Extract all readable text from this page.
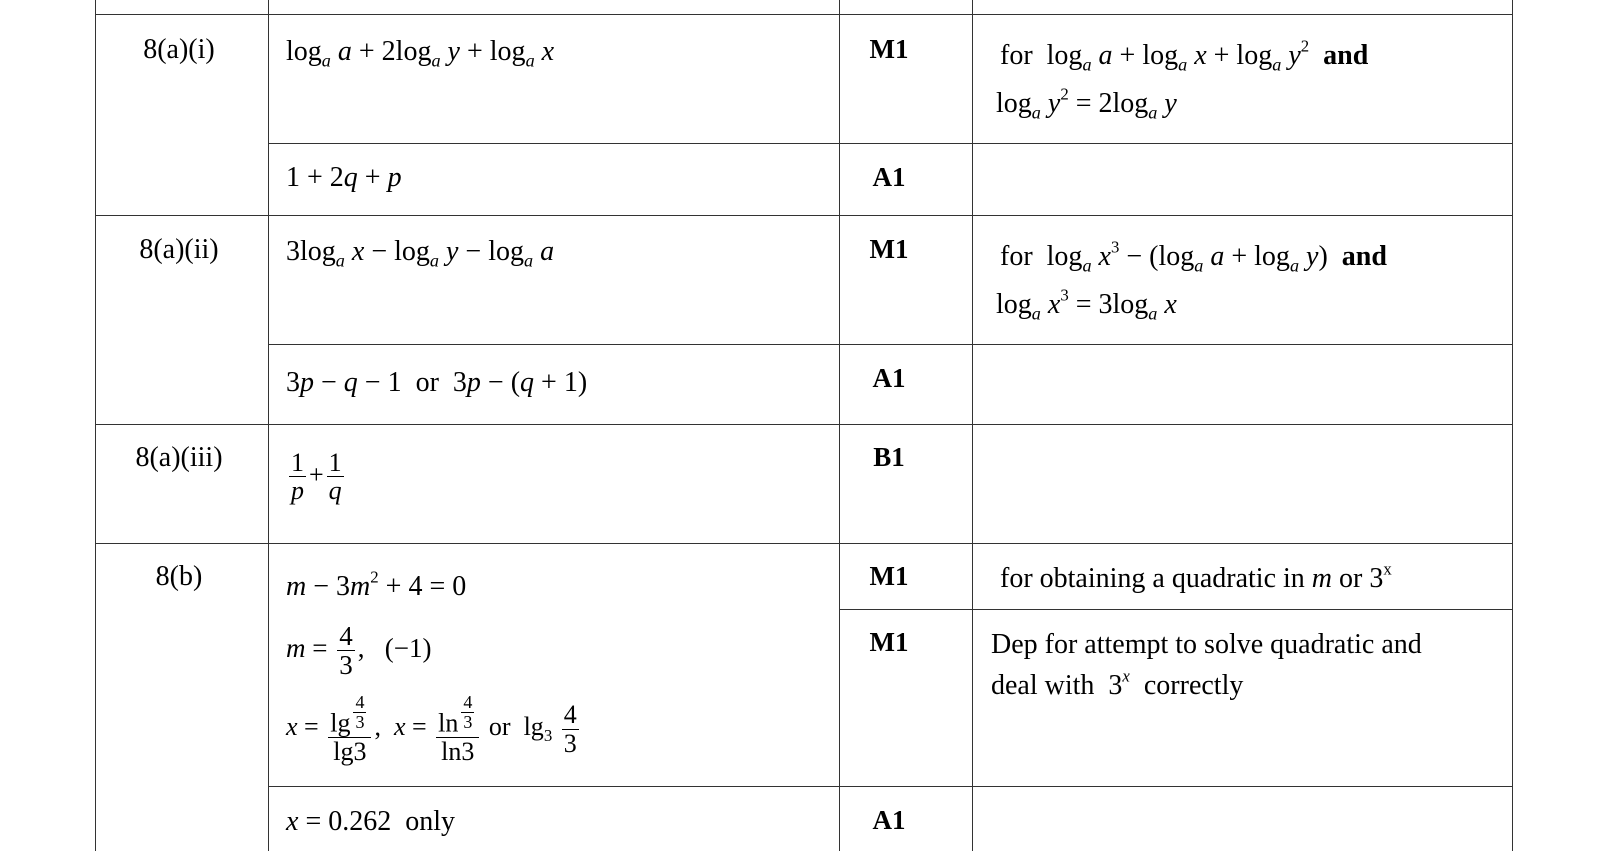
8(a)(i)
8(a)(ii)
8(a)(iii)
8(b)
M1
A1
M1
A1
B1
M1
M1
A1
$\log_a a + 2\log_a$ $y + \log_a x$
1 + 2q + p
for  $\log_a a + \log_a x + \log_a y^2$ and
$\log_a y^2 = 2\log_a$ y
$3\log_a$ $x - \log_a y - \log_a a$
3p − q − 1  or  3p − (q + 1)
for  $\log_a x^3 - (\log_a$ $a + \log_a y$)  and
$\log_a x^3 = 3\log_a$ x
$\frac{1}{p} + \frac{1}{q}$
$m - 3m^2 + 4 = 0$
$m = \frac{4}{3}$ ,   (−1)
$x = \frac{\lg \frac{4}{3}}{\lg 3}$ ,  $x = \frac{\ln \frac{4}{3}}{\ln 3}$ or  $\lg_3 \frac{4}{3}$
x = 0.262  only
for obtaining a quadratic in m or 3$^x$
Dep for attempt to solve quadratic and
deal with  3$^x$ correctly
